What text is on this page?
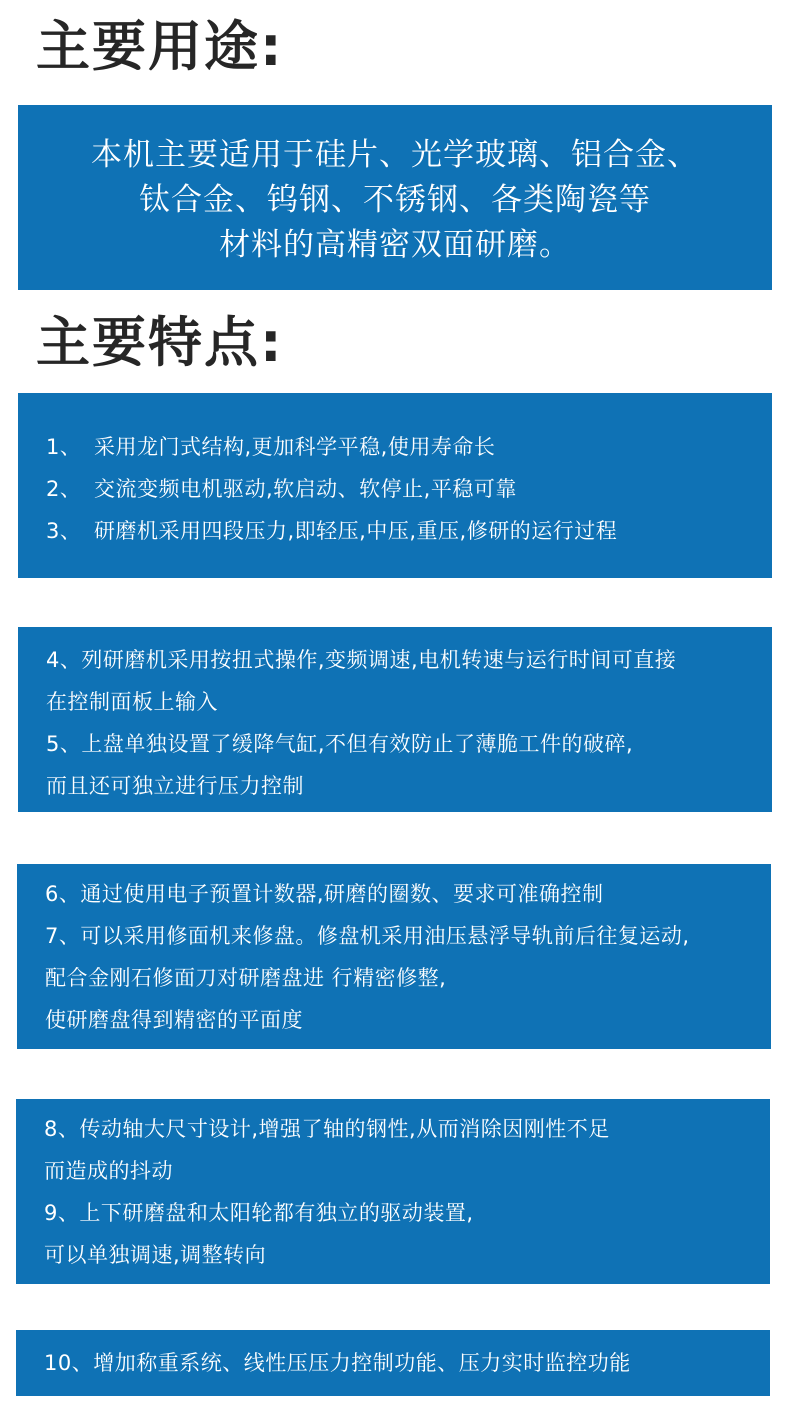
主要用途:
本机主要适用于硅片、光学玻璃、铝合金、
钛合金、钨钢、不锈钢、各类陶瓷等
材料的高精密双面研磨。
主要特点:
1、 采用龙门式结构,更加科学平稳,使用寿命长
2、 交流变频电机驱动,软启动、软停止,平稳可靠
3、 研磨机采用四段压力,即轻压,中压,重压,修研的运行过程
4、列研磨机采用按扭式操作,变频调速,电机转速与运行时间可直接
在控制面板上输入
5、上盘单独设置了缓降气缸,不但有效防止了薄脆工件的破碎,
而且还可独立进行压力控制
6、通过使用电子预置计数器,研磨的圈数、要求可准确控制
7、可以采用修面机来修盘。修盘机采用油压悬浮导轨前后往复运动,
配合金刚石修面刀对研磨盘进 行精密修整,
使研磨盘得到精密的平面度
8、传动轴大尺寸设计,增强了轴的钢性,从而消除因刚性不足
而造成的抖动
9、上下研磨盘和太阳轮都有独立的驱动装置,
可以单独调速,调整转向
10、增加称重系统、线性压压力控制功能、压力实时监控功能
